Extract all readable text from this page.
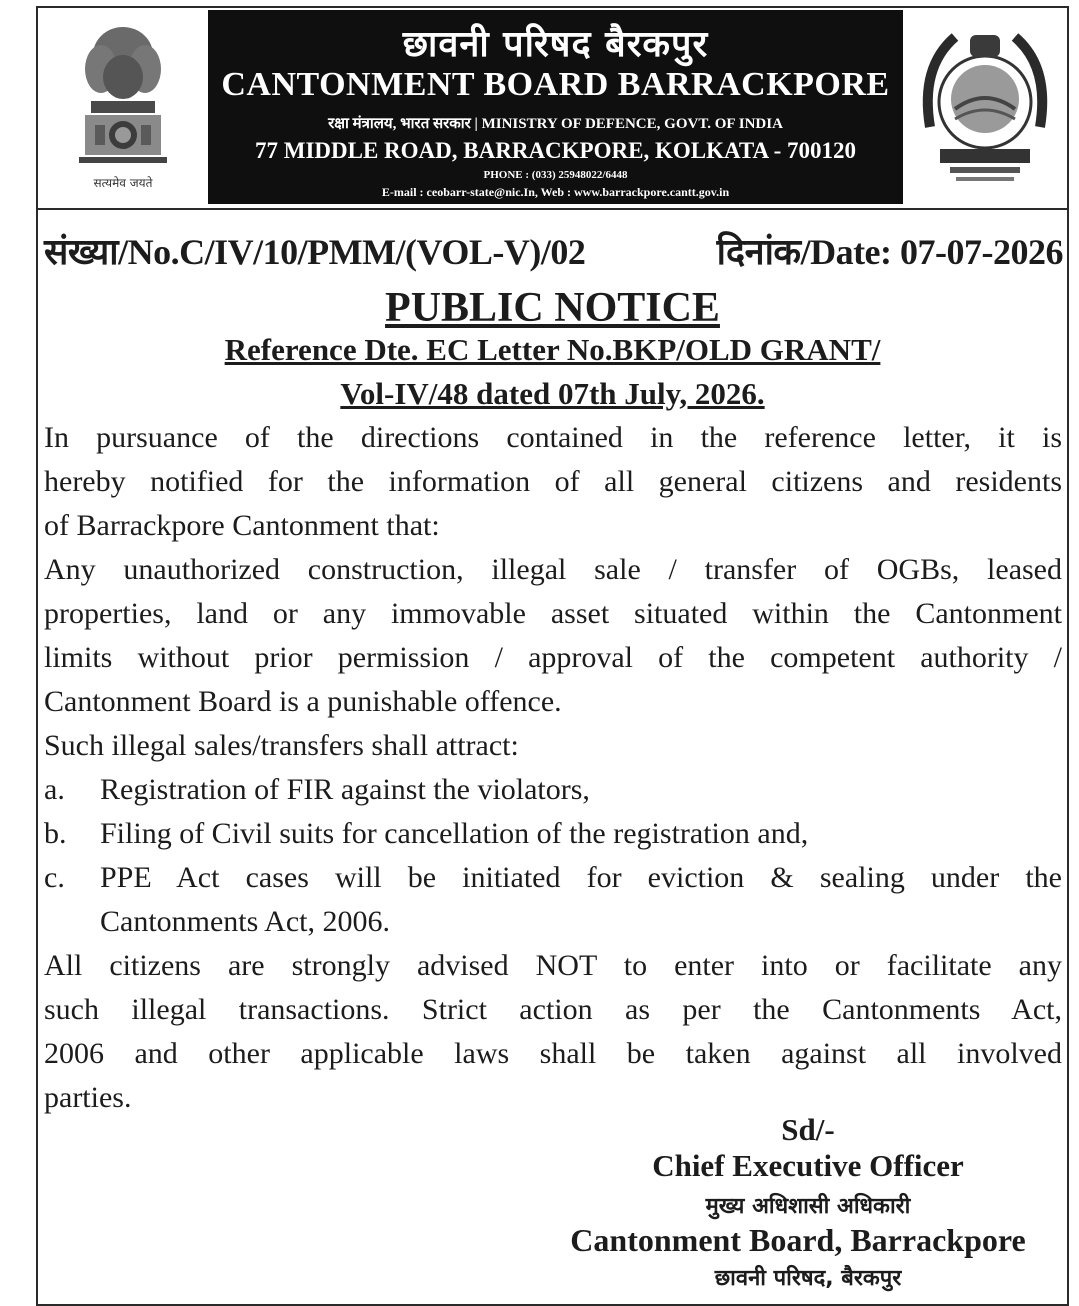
सत्यमेव जयते
छावनी परिषद बैरकपुर
CANTONMENT BOARD BARRACKPORE
रक्षा मंत्रालय, भारत सरकार | MINISTRY OF DEFENCE, GOVT. OF INDIA
77 MIDDLE ROAD, BARRACKPORE, KOLKATA - 700120
PHONE : (033) 25948022/6448
E-mail : ceobarr-state@nic.In, Web : www.barrackpore.cantt.gov.in
संख्या/No.C/IV/10/PMM/(VOL-V)/02	दिनांक/Date: 07-07-2026
PUBLIC NOTICE
Reference Dte. EC Letter No.BKP/OLD GRANT/
Vol-IV/48 dated 07th July, 2026.
In pursuance of the directions contained in the reference letter, it is
hereby notified for the information of all general citizens and residents
of Barrackpore Cantonment that:
Any unauthorized construction, illegal sale / transfer of OGBs, leased
properties, land or any immovable asset situated within the Cantonment
limits without prior permission / approval of the competent authority /
Cantonment Board is a punishable offence.
Such illegal sales/transfers shall attract:
a. Registration of FIR against the violators,
b. Filing of Civil suits for cancellation of the registration and,
c. PPE Act cases will be initiated for eviction & sealing under the
Cantonments Act, 2006.
All citizens are strongly advised NOT to enter into or facilitate any
such illegal transactions. Strict action as per the Cantonments Act,
2006 and other applicable laws shall be taken against all involved
parties.
Sd/-
Chief Executive Officer
मुख्य अधिशासी अधिकारी
Cantonment Board, Barrackpore
छावनी परिषद, बैरकपुर
